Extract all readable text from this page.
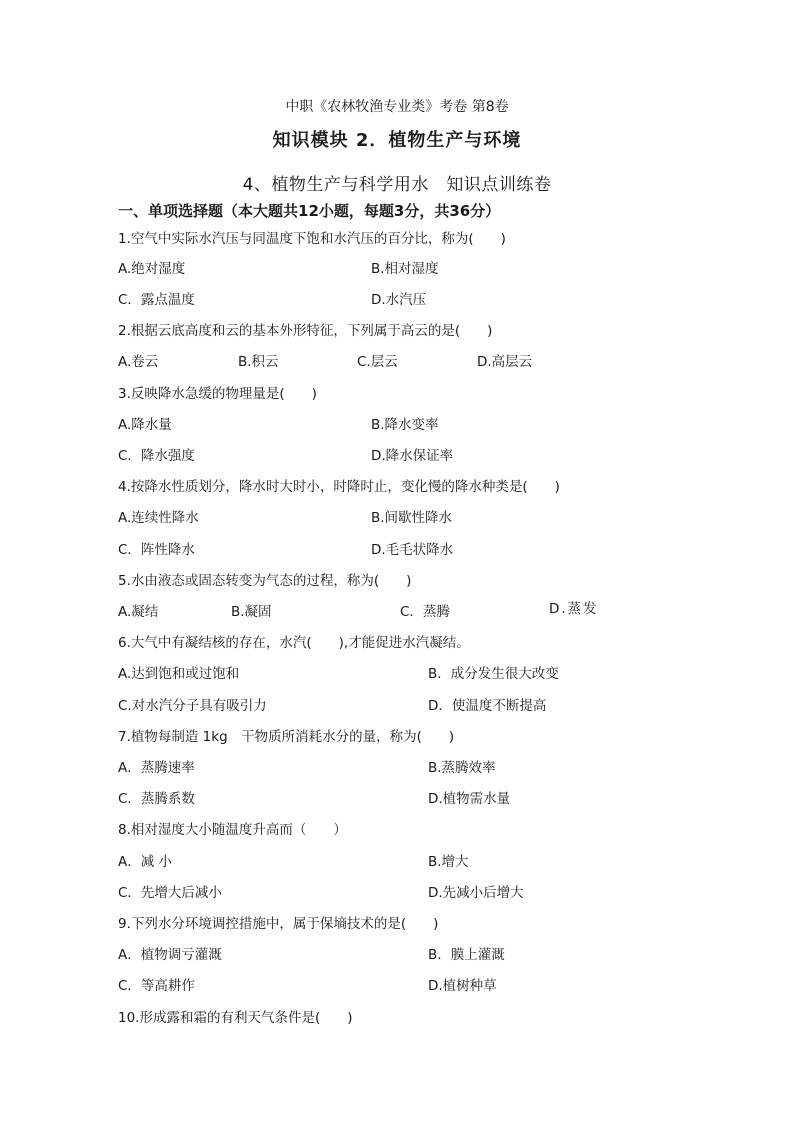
中职《农林牧渔专业类》考卷 第8卷
知识模块 2．植物生产与环境
4、植物生产与科学用水　知识点训练卷
一、单项选择题（本大题共12小题，每题3分，共36分）
1.空气中实际水汽压与同温度下饱和水汽压的百分比，称为(　　)
A.绝对湿度	B.相对湿度
C．露点温度	D.水汽压
2.根据云底高度和云的基本外形特征，下列属于高云的是(　　)
A.卷云	B.积云	C.层云	D.高层云
3.反映降水急缓的物理量是(　　)
A.降水量	B.降水变率
C．降水强度	D.降水保证率
4.按降水性质划分，降水时大时小，时降时止，变化慢的降水种类是(　　)
A.连续性降水	B.间歇性降水
C．阵性降水	D.毛毛状降水
5.水由液态或固态转变为气态的过程，称为(　　)
A.凝结	B.凝固	C．蒸腾	D.蒸发
6.大气中有凝结核的存在，水汽(　　),才能促进水汽凝结。
A.达到饱和或过饱和	B．成分发生很大改变
C.对水汽分子具有吸引力	D．使温度不断提高
7.植物每制造 1kg　干物质所消耗水分的量，称为(　　)
A．蒸腾速率	B.蒸腾效率
C．蒸腾系数	D.植物需水量
8.相对湿度大小随温度升高而（　　）
A．减 小	B.增大
C．先增大后减小	D.先减小后增大
9.下列水分环境调控措施中，属于保墒技术的是(　　)
A．植物调亏灌溉	B．膜上灌溉
C．等高耕作	D.植树种草
10.形成露和霜的有利天气条件是(　　)
